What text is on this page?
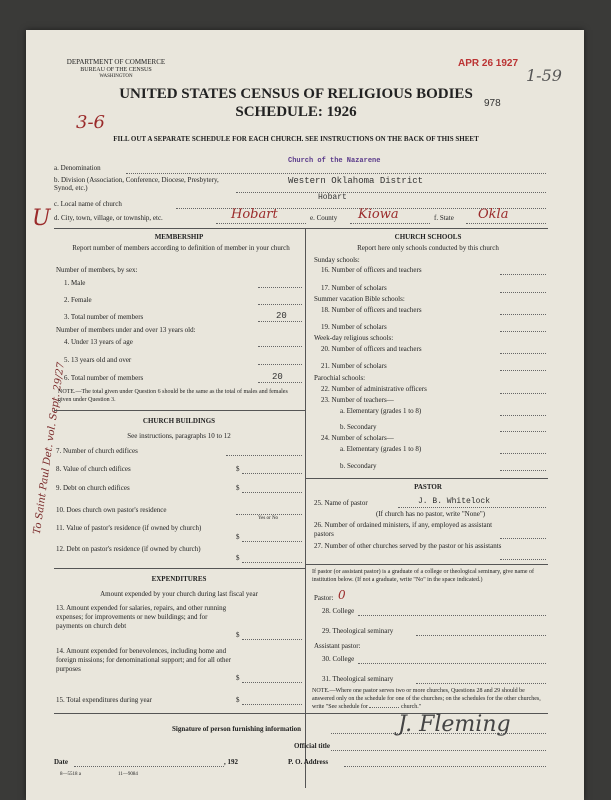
DEPARTMENT OF COMMERCE
BUREAU OF THE CENSUS
WASHINGTON
UNITED STATES CENSUS OF RELIGIOUS BODIES
SCHEDULE: 1926
FILL OUT A SEPARATE SCHEDULE FOR EACH CHURCH. SEE INSTRUCTIONS ON THE BACK OF THIS SHEET
APR 26 1927
978
1-59
3-6
U
To Saint Paul Det. vol. Sept. 29/27
a. Denomination
Church of the Nazarene
b. Division (Association, Conference, Diocese, Presbytery, Synod, etc.)
Western Oklahoma District
c. Local name of church
Hobart
d. City, town, village, or township, etc.	Hobart	e. County Kiowa	f. State Okla
MEMBERSHIP
Report number of members according to definition of member in your church
Number of members, by sex:
1. Male
2. Female
3. Total number of members	20
Number of members under and over 13 years old:
4. Under 13 years of age
5. 13 years old and over
6. Total number of members	20
NOTE.—The total given under Question 6 should be the same as the total of males and females given under Question 3.
CHURCH BUILDINGS
See instructions, paragraphs 10 to 12
7. Number of church edifices
8. Value of church edifices	$
9. Debt on church edifices	$
10. Does church own pastor's residence
Yes or No
11. Value of pastor's residence (if owned by church)
$
12. Debt on pastor's residence (if owned by church)
$
EXPENDITURES
Amount expended by your church during last fiscal year
13. Amount expended for salaries, repairs, and other running expenses; for improvements or new buildings; and for payments on church debt
$
14. Amount expended for benevolences, including home and foreign missions; for denominational support; and for all other purposes
$
15. Total expenditures during year	$
CHURCH SCHOOLS
Report here only schools conducted by this church
Sunday schools:
16. Number of officers and teachers
17. Number of scholars
Summer vacation Bible schools:
18. Number of officers and teachers
19. Number of scholars
Week-day religious schools:
20. Number of officers and teachers
21. Number of scholars
Parochial schools:
22. Number of administrative officers
23. Number of teachers—
a. Elementary (grades 1 to 8)
b. Secondary
24. Number of scholars—
a. Elementary (grades 1 to 8)
b. Secondary
PASTOR
25. Name of pastor	J. B. Whitelock
(If church has no pastor, write "None")
26. Number of ordained ministers, if any, employed as assistant pastors
27. Number of other churches served by the pastor or his assistants
If pastor (or assistant pastor) is a graduate of a college or theological seminary, give name of institution below. (If not a graduate, write "No" in the space indicated.)
Pastor: 0
28. College
29. Theological seminary
Assistant pastor:
30. College
31. Theological seminary
NOTE.—Where one pastor serves two or more churches, Questions 28 and 29 should be answered only on the schedule for one of the churches; on the schedules for the other churches, write "See schedule for	church."
Signature of person furnishing information	J. Fleming
Official title
Date	, 192	P. O. Address
8—5518 a	11—9084
